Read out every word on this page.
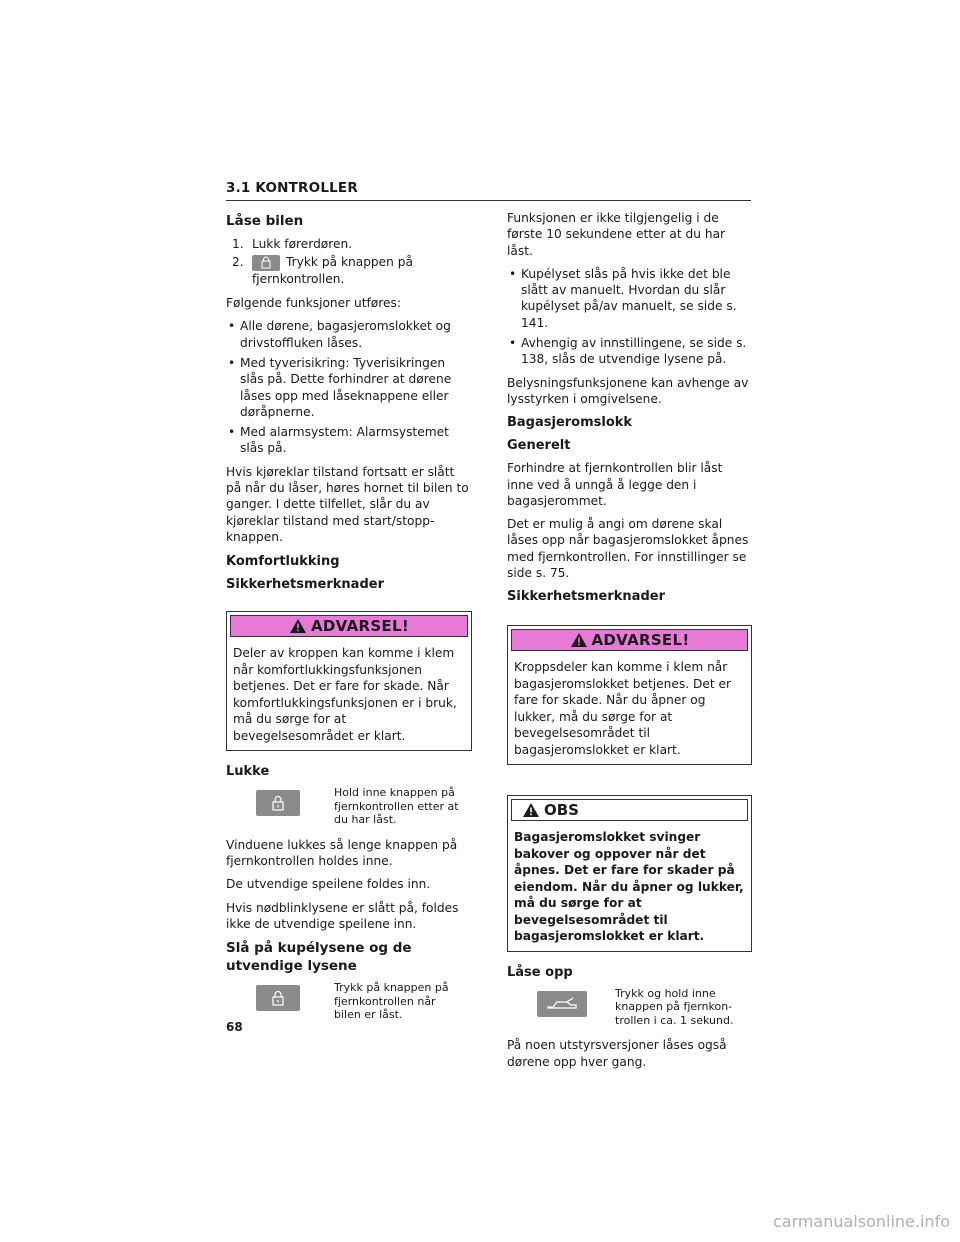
3.1 KONTROLLER
Låse bilen
1. Lukk førerdøren.
2.	Trykk på knappen på fjernkontrollen.

Følgende funksjoner utføres:

• Alle dørene, bagasjeromslokket og drivstoffluken låses.
• Med tyverisikring: Tyverisikringen slås på. Dette forhindrer at dørene låses opp med låseknappene eller døråpnerne.
• Med alarmsystem: Alarmsystemet slås på.

Hvis kjøreklar tilstand fortsatt er slått på når du låser, høres hornet til bilen to ganger. I dette tilfellet, slår du av kjøreklar tilstand med start/stopp-knappen.

Komfortlukking
Sikkerhetsmerknader
ADVARSEL!

Deler av kroppen kan komme i klem når komfortlukkingsfunksjonen betjenes. Det er fare for skade. Når komfortlukkingsfunksjonen er i bruk, må du sørge for at bevegelsesområdet er klart.

Lukke
Hold inne knappen på fjernkontrollen etter at du har låst.

Vinduene lukkes så lenge knappen på fjernkontrollen holdes inne.

De utvendige speilene foldes inn.

Hvis nødblinklysene er slått på, foldes ikke de utvendige speilene inn.

Slå på kupélysene og de utvendige lysene
Trykk på knappen på fjernkontrollen når bilen er låst.

Funksjonen er ikke tilgjengelig i de første 10 sekundene etter at du har låst.

• Kupélyset slås på hvis ikke det ble slått av manuelt. Hvordan du slår kupélyset på/av manuelt, se side s. 141.
• Avhengig av innstillingene, se side s. 138, slås de utvendige lysene på.

Belysningsfunksjonene kan avhenge av lysstyrken i omgivelsene.

Bagasjeromslokk
Generelt

Forhindre at fjernkontrollen blir låst inne ved å unngå å legge den i bagasjerommet.

Det er mulig å angi om dørene skal låses opp når bagasjeromslokket åpnes med fjernkontrollen. For innstillinger se side s. 75.

Sikkerhetsmerknader
ADVARSEL!

Kroppsdeler kan komme i klem når bagasjeromslokket betjenes. Det er fare for skade. Når du åpner og lukker, må du sørge for at bevegelsesområdet til bagasjeromslokket er klart.

OBS

Bagasjeromslokket svinger bakover og oppover når det åpnes. Det er fare for skader på eiendom. Når du åpner og lukker, må du sørge for at bevegelsesområdet til bagasjeromslokket er klart.

Låse opp
Trykk og hold inne knappen på fjernkon-trollen i ca. 1 sekund.

På noen utstyrsversjoner låses også dørene opp hver gang.

68
carmanualsonline.info
